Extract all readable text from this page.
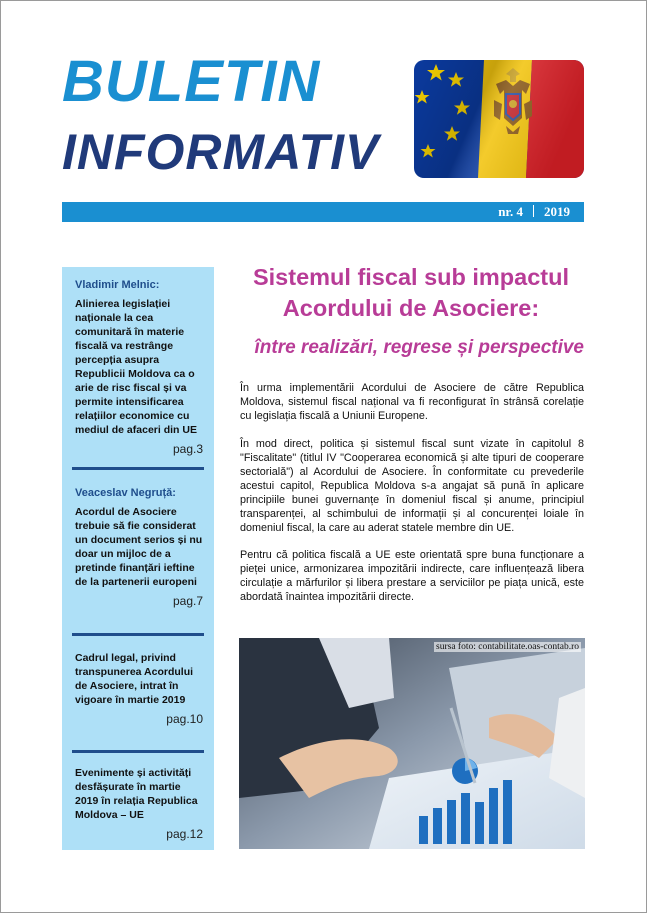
BULETIN
INFORMATIV
nr. 4 2019
Vladimir Melnic:
Alinierea legislației naționale la cea comunitară în materie fiscală va restrânge percepția asupra Republicii Moldova ca o arie de risc fiscal și va permite intensificarea relațiilor economice cu mediul de afaceri din UE
pag.3
Veaceslav Negruță:
Acordul de Asociere trebuie să fie considerat un document serios și nu doar un mijloc de a pretinde finanțări ieftine de la partenerii europeni
pag.7
Cadrul legal, privind transpunerea Acordului de Asociere, intrat în vigoare în martie 2019
pag.10
Evenimente și activități desfășurate în martie 2019 în relația Republica Moldova – UE
pag.12
Sistemul fiscal sub impactul Acordului de Asociere:
între realizări, regrese și perspective

În urma implementării Acordului de Asociere de către Republica Moldova, sistemul fiscal național va fi reconfigurat în strânsă corelație cu legislația fiscală a Uniunii Europene.

În mod direct, politica și sistemul fiscal sunt vizate în capitolul 8 "Fiscalitate" (titlul IV "Cooperarea economică și alte tipuri de cooperare sectorială") al Acordului de Asociere. În conformitate cu prevederile acestui capitol, Republica Moldova s-a angajat să pună în aplicare principiile bunei guvernanțe în domeniul fiscal și anume, principiul transparenței, al schimbului de informații și al concurenței loiale în domeniul fiscal, la care au aderat statele membre din UE.

Pentru că politica fiscală a UE este orientată spre buna funcționare a pieței unice, armonizarea impozitării indirecte, care influențează libera circulație a mărfurilor și libera prestare a serviciilor pe piața unică, este abordată înaintea impozitării directe.

sursa foto: contabilitate.oas-contab.ro
